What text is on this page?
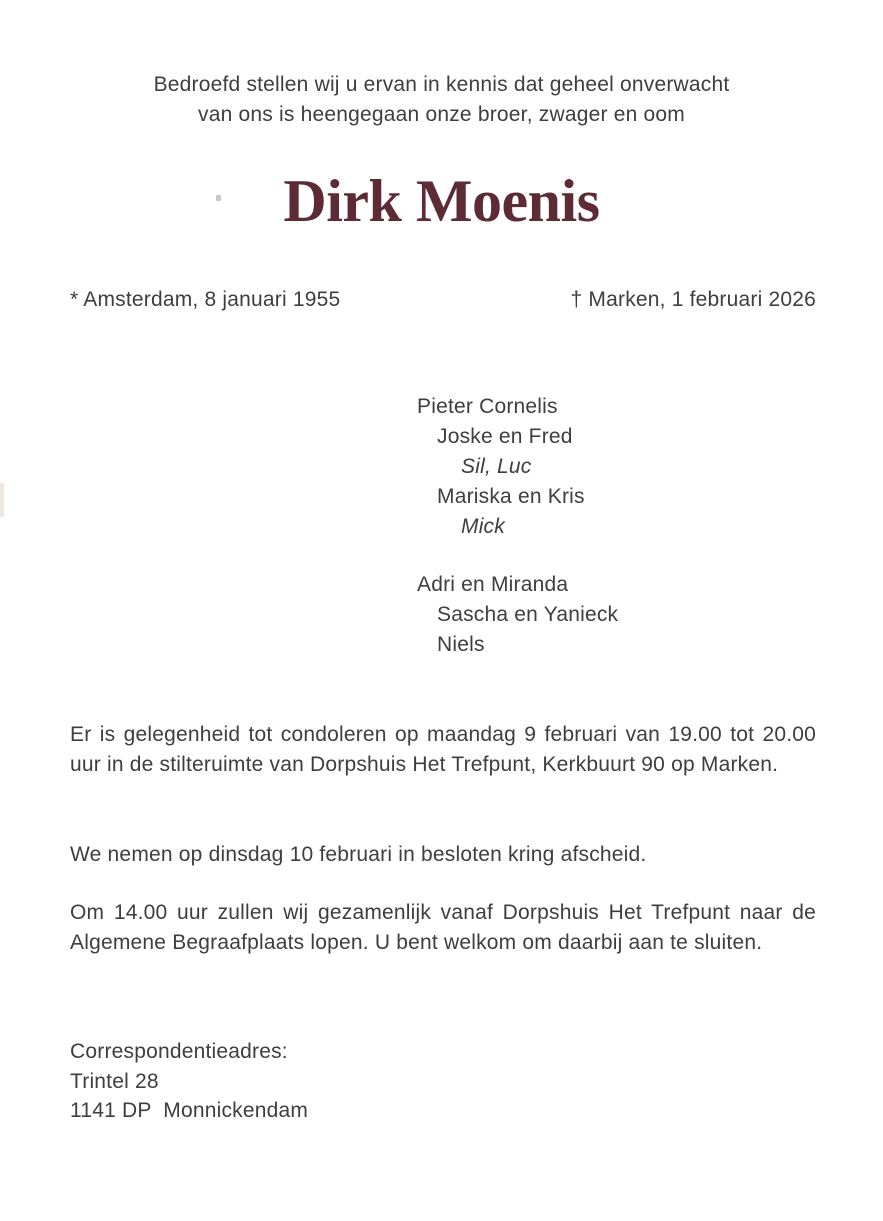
Bedroefd stellen wij u ervan in kennis dat geheel onverwacht
van ons is heengegaan onze broer, zwager en oom
Dirk Moenis
* Amsterdam, 8 januari 1955	† Marken, 1 februari 2026
Pieter Cornelis
Joske en Fred
Sil, Luc
Mariska en Kris
Mick
Adri en Miranda
Sascha en Yanieck
Niels
Er is gelegenheid tot condoleren op maandag 9 februari van 19.00 tot 20.00 uur in de stilteruimte van Dorpshuis Het Trefpunt, Kerkbuurt 90 op Marken.
We nemen op dinsdag 10 februari in besloten kring afscheid.
Om 14.00 uur zullen wij gezamenlijk vanaf Dorpshuis Het Trefpunt naar de Algemene Begraafplaats lopen. U bent welkom om daarbij aan te sluiten.
Correspondentieadres:
Trintel 28
1141 DP  Monnickendam
